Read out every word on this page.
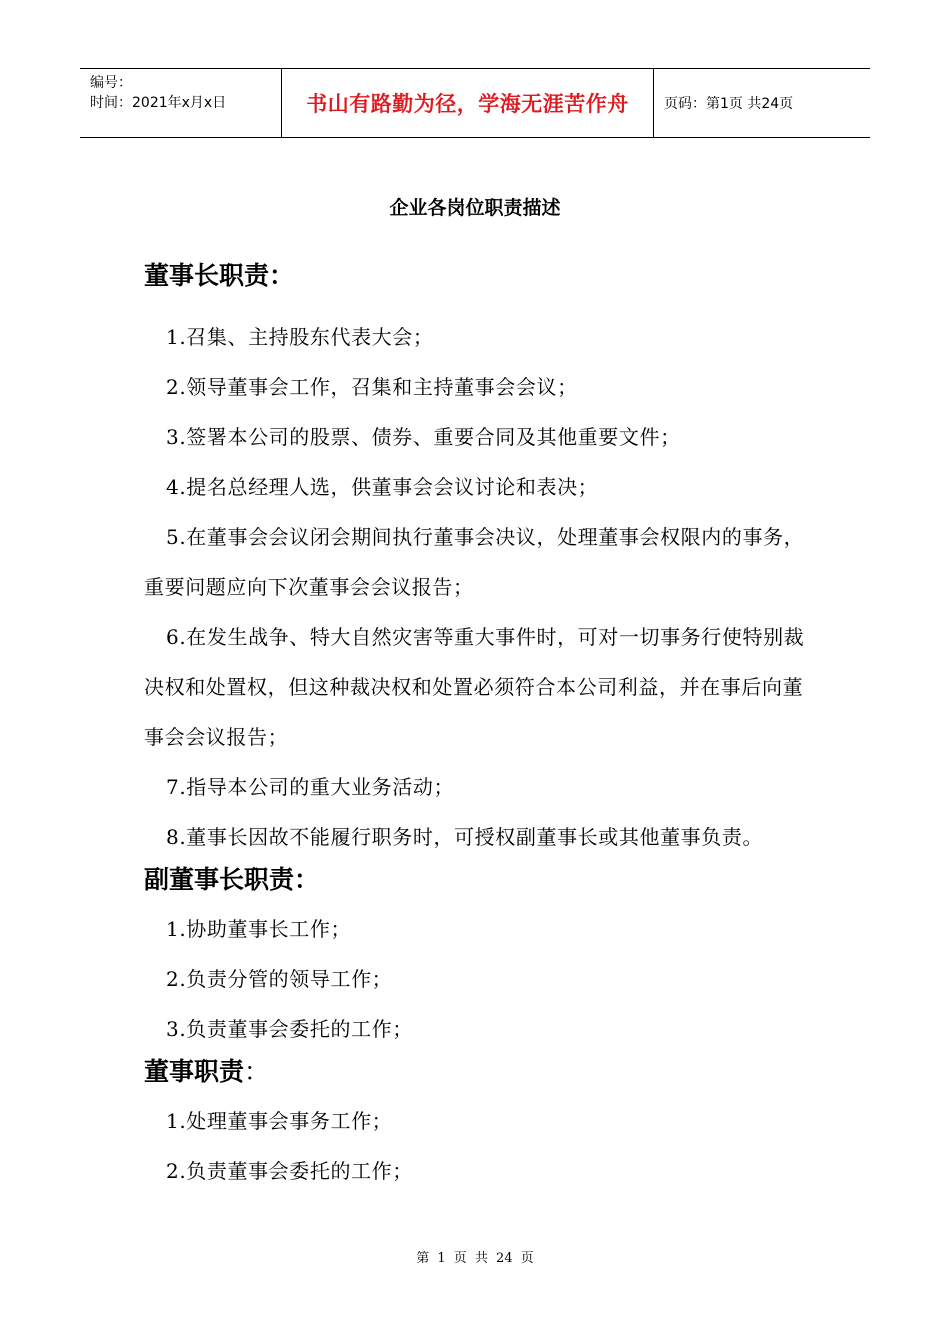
编号：
时间：2021年x月x日	书山有路勤为径，学海无涯苦作舟	页码：第1页 共24页
企业各岗位职责描述
董事长职责：
1.召集、主持股东代表大会；
2.领导董事会工作，召集和主持董事会会议；
3.签署本公司的股票、债券、重要合同及其他重要文件；
4.提名总经理人选，供董事会会议讨论和表决；
5.在董事会会议闭会期间执行董事会决议，处理董事会权限内的事务，重要问题应向下次董事会会议报告；
6.在发生战争、特大自然灾害等重大事件时，可对一切事务行使特别裁决权和处置权，但这种裁决权和处置必须符合本公司利益，并在事后向董事会会议报告；
7.指导本公司的重大业务活动；
8.董事长因故不能履行职务时，可授权副董事长或其他董事负责。
副董事长职责：
1.协助董事长工作；
2.负责分管的领导工作；
3.负责董事会委托的工作；
董事职责：
1.处理董事会事务工作；
2.负责董事会委托的工作；
第 1 页 共 24 页
